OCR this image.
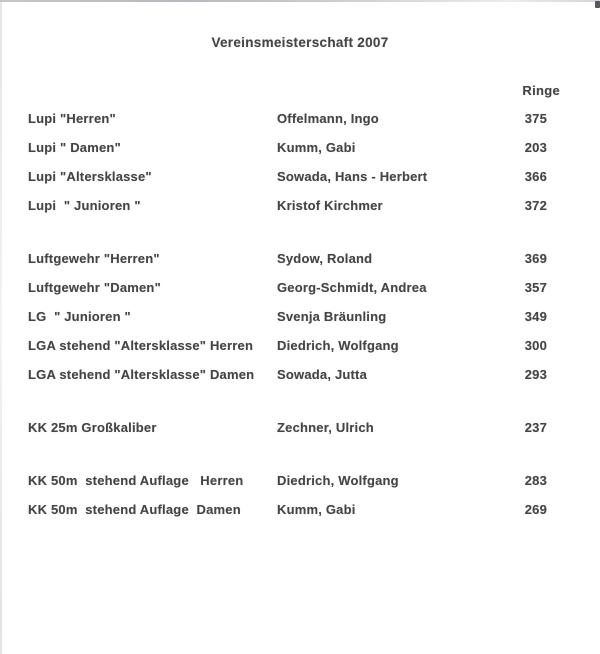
Vereinsmeisterschaft 2007
Ringe
Lupi "Herren"	Offelmann, Ingo	375
Lupi " Damen"	Kumm, Gabi	203
Lupi "Altersklasse"	Sowada, Hans - Herbert	366
Lupi  " Junioren "	Kristof Kirchmer	372
Luftgewehr "Herren"	Sydow, Roland	369
Luftgewehr "Damen"	Georg-Schmidt, Andrea	357
LG  " Junioren "	Svenja Bräunling	349
LGA stehend "Altersklasse" Herren	Diedrich, Wolfgang	300
LGA stehend "Altersklasse" Damen	Sowada, Jutta	293
KK 25m Großkaliber	Zechner, Ulrich	237
KK 50m  stehend Auflage   Herren	Diedrich, Wolfgang	283
KK 50m  stehend Auflage  Damen	Kumm, Gabi	269
